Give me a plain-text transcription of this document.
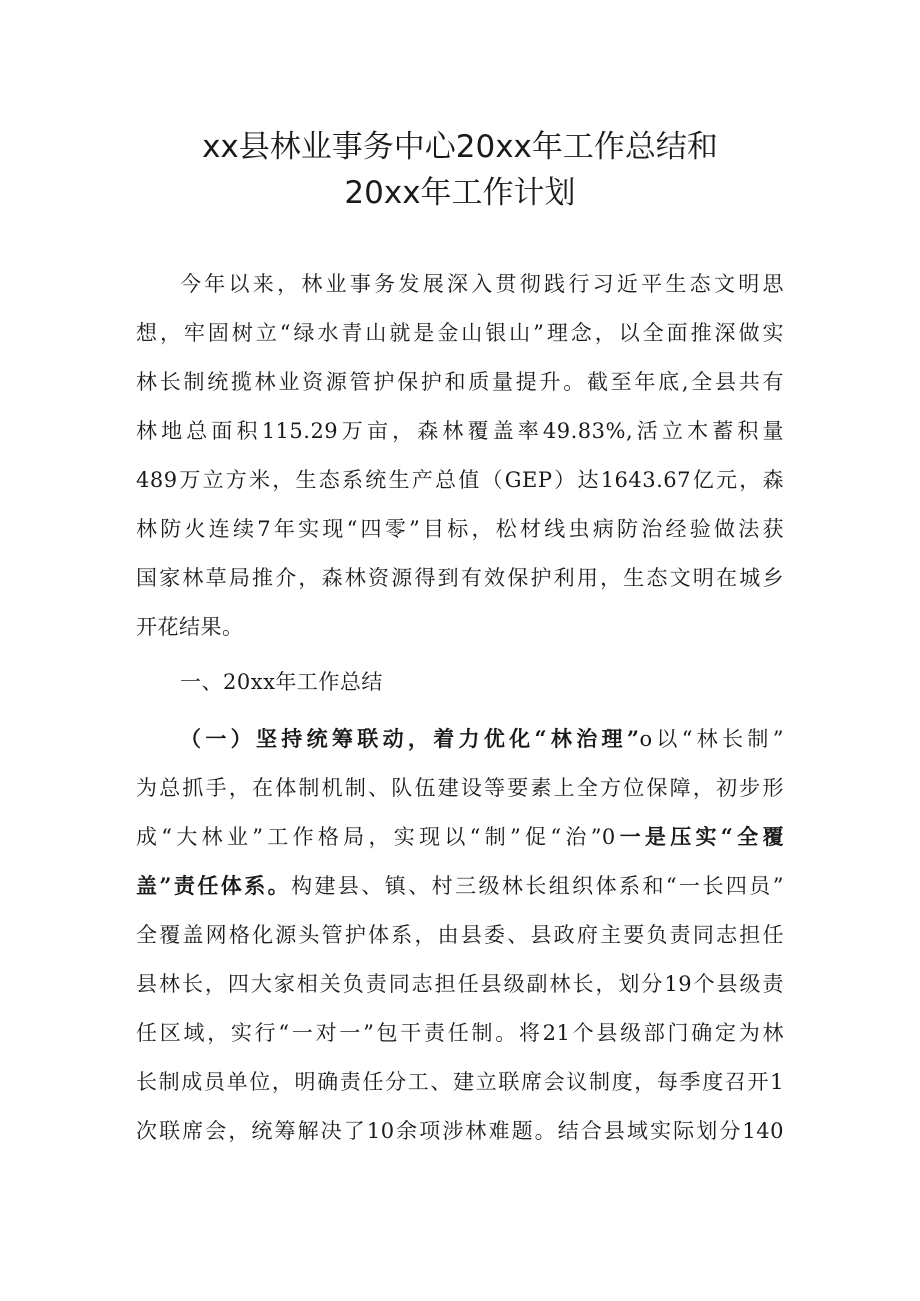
xx县林业事务中心20xx年工作总结和
20xx年工作计划
今年以来，林业事务发展深入贯彻践行习近平生态文明思
想，牢固树立“绿水青山就是金山银山”理念，以全面推深做实
林长制统揽林业资源管护保护和质量提升。截至年底,全县共有
林地总面积115.29万亩，森林覆盖率49.83%,活立木蓄积量
489万立方米，生态系统生产总值（GEP）达1643.67亿元，森
林防火连续7年实现“四零”目标，松材线虫病防治经验做法获
国家林草局推介，森林资源得到有效保护利用，生态文明在城乡
开花结果。
一、20xx年工作总结
（一）坚持统筹联动，着力优化“林治理”o以“林长制”
为总抓手，在体制机制、队伍建设等要素上全方位保障，初步形
成“大林业”工作格局，实现以“制”促“治”0一是压实“全覆
盖”责任体系。构建县、镇、村三级林长组织体系和“一长四员”
全覆盖网格化源头管护体系，由县委、县政府主要负责同志担任
县林长，四大家相关负责同志担任县级副林长，划分19个县级责
任区域，实行“一对一”包干责任制。将21个县级部门确定为林
长制成员单位，明确责任分工、建立联席会议制度，每季度召开1
次联席会，统筹解决了10余项涉林难题。结合县域实际划分140
